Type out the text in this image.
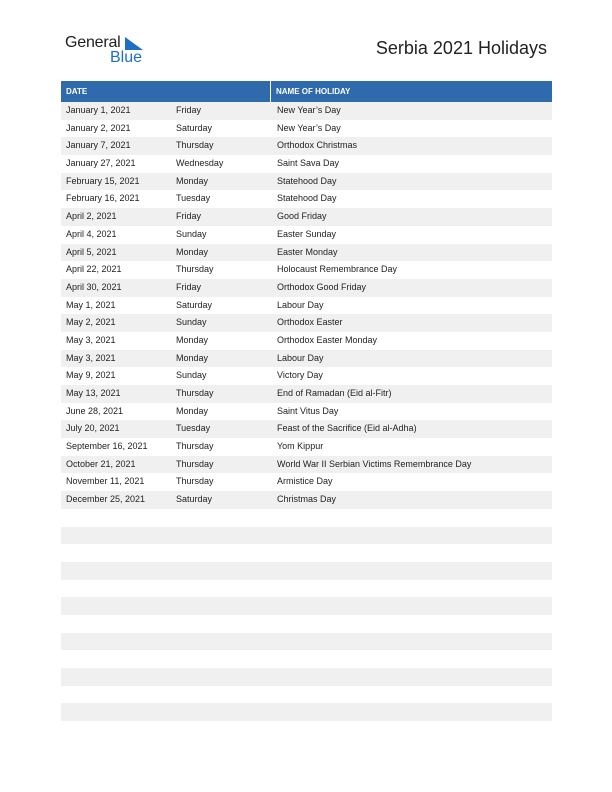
General
Blue	Serbia 2021 Holidays
DATE	NAME OF HOLIDAY
January 1, 2021	Friday	New Year’s Day
January 2, 2021	Saturday	New Year’s Day
January 7, 2021	Thursday	Orthodox Christmas
January 27, 2021	Wednesday	Saint Sava Day
February 15, 2021	Monday	Statehood Day
February 16, 2021	Tuesday	Statehood Day
April 2, 2021	Friday	Good Friday
April 4, 2021	Sunday	Easter Sunday
April 5, 2021	Monday	Easter Monday
April 22, 2021	Thursday	Holocaust Remembrance Day
April 30, 2021	Friday	Orthodox Good Friday
May 1, 2021	Saturday	Labour Day
May 2, 2021	Sunday	Orthodox Easter
May 3, 2021	Monday	Orthodox Easter Monday
May 3, 2021	Monday	Labour Day
May 9, 2021	Sunday	Victory Day
May 13, 2021	Thursday	End of Ramadan (Eid al-Fitr)
June 28, 2021	Monday	Saint Vitus Day
July 20, 2021	Tuesday	Feast of the Sacrifice (Eid al-Adha)
September 16, 2021	Thursday	Yom Kippur
October 21, 2021	Thursday	World War II Serbian Victims Remembrance Day
November 11, 2021	Thursday	Armistice Day
December 25, 2021	Saturday	Christmas Day
